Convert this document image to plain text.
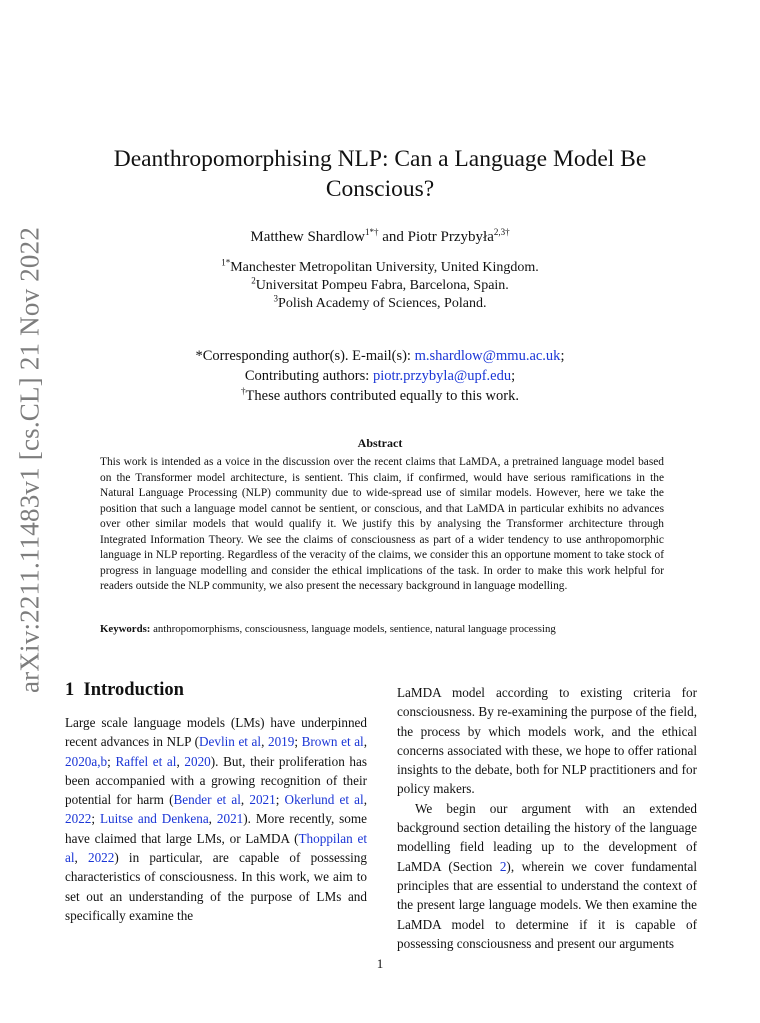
arXiv:2211.11483v1 [cs.CL] 21 Nov 2022
Deanthropomorphising NLP: Can a Language Model Be
Conscious?
Matthew Shardlow$^{1*\dagger}$ and Piotr Przybyła$^{2,3\dagger}$
$^{1*}$Manchester Metropolitan University, United Kingdom.
$^2$Universitat Pompeu Fabra, Barcelona, Spain.
$^3$Polish Academy of Sciences, Poland.
*Corresponding author(s). E-mail(s): m.shardlow@mmu.ac.uk;
Contributing authors: piotr.przybyla@upf.edu;
†These authors contributed equally to this work.
Abstract
This work is intended as a voice in the discussion over the recent claims that LaMDA, a pretrained language model based on the Transformer model architecture, is sentient. This claim, if confirmed, would have serious ramifications in the Natural Language Processing (NLP) community due to wide-spread use of similar models. However, here we take the position that such a language model cannot be sentient, or conscious, and that LaMDA in particular exhibits no advances over other similar models that would qualify it. We justify this by analysing the Transformer architecture through Integrated Information Theory. We see the claims of consciousness as part of a wider tendency to use anthropomorphic language in NLP reporting. Regardless of the veracity of the claims, we consider this an opportune moment to take stock of progress in language modelling and consider the ethical implications of the task. In order to make this work helpful for readers outside the NLP community, we also present the necessary background in language modelling.
Keywords: anthropomorphisms, consciousness, language models, sentience, natural language processing
1 Introduction

Large scale language models (LMs) have underpinned recent advances in NLP (Devlin et al, 2019; Brown et al, 2020a,b; Raffel et al, 2020). But, their proliferation has been accompanied with a growing recognition of their potential for harm (Bender et al, 2021; Okerlund et al, 2022; Luitse and Denkena, 2021). More recently, some have claimed that large LMs, or LaMDA (Thoppilan et al, 2022) in particular, are capable of possessing characteristics of consciousness. In this work, we aim to set out an understanding of the purpose of LMs and specifically examine the

LaMDA model according to existing criteria for consciousness. By re-examining the purpose of the field, the process by which models work, and the ethical concerns associated with these, we hope to offer rational insights to the debate, both for NLP practitioners and for policy makers.

We begin our argument with an extended background section detailing the history of the language modelling field leading up to the development of LaMDA (Section 2), wherein we cover fundamental principles that are essential to understand the context of the present large language models. We then examine the LaMDA model to determine if it is capable of possessing consciousness and present our arguments

1
